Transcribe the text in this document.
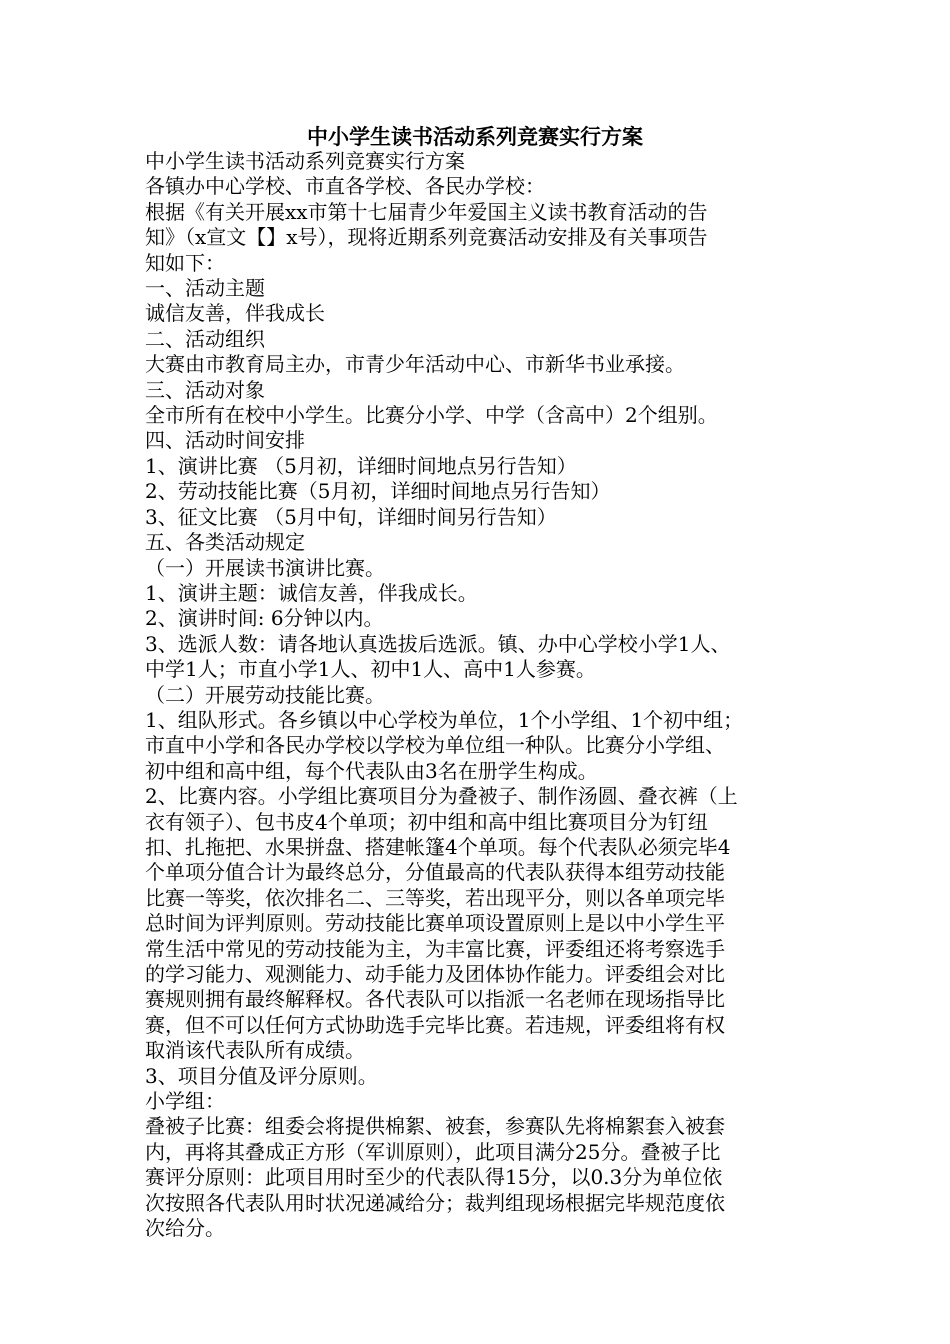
中小学生读书活动系列竞赛实行方案

中小学生读书活动系列竞赛实行方案

各镇办中心学校、市直各学校、各民办学校：

根据《有关开展xx市第十七届青少年爱国主义读书教育活动的告

知》（x宣文【】x号），现将近期系列竞赛活动安排及有关事项告

知如下：

一、活动主题

诚信友善，伴我成长

二、活动组织

大赛由市教育局主办，市青少年活动中心、市新华书业承接。

三、活动对象

全市所有在校中小学生。比赛分小学、中学（含高中）2个组别。

四、活动时间安排

1、演讲比赛 （5月初，详细时间地点另行告知）

2、劳动技能比赛（5月初，详细时间地点另行告知）

3、征文比赛 （5月中旬，详细时间另行告知）

五、各类活动规定

（一）开展读书演讲比赛。

1、演讲主题：诚信友善，伴我成长。

2、演讲时间: 6分钟以内。

3、选派人数：请各地认真选拔后选派。镇、办中心学校小学1人、

中学1人；市直小学1人、初中1人、高中1人参赛。

（二）开展劳动技能比赛。

1、组队形式。各乡镇以中心学校为单位，1个小学组、1个初中组；

市直中小学和各民办学校以学校为单位组一种队。比赛分小学组、

初中组和高中组，每个代表队由3名在册学生构成。

2、比赛内容。小学组比赛项目分为叠被子、制作汤圆、叠衣裤（上

衣有领子）、包书皮4个单项；初中组和高中组比赛项目分为钉纽

扣、扎拖把、水果拼盘、搭建帐篷4个单项。每个代表队必须完毕4

个单项分值合计为最终总分，分值最高的代表队获得本组劳动技能

比赛一等奖，依次排名二、三等奖，若出现平分，则以各单项完毕

总时间为评判原则。劳动技能比赛单项设置原则上是以中小学生平

常生活中常见的劳动技能为主，为丰富比赛，评委组还将考察选手

的学习能力、观测能力、动手能力及团体协作能力。评委组会对比

赛规则拥有最终解释权。各代表队可以指派一名老师在现场指导比

赛，但不可以任何方式协助选手完毕比赛。若违规，评委组将有权

取消该代表队所有成绩。

3、项目分值及评分原则。

小学组：

叠被子比赛：组委会将提供棉絮、被套，参赛队先将棉絮套入被套

内，再将其叠成正方形（军训原则），此项目满分25分。叠被子比

赛评分原则：此项目用时至少的代表队得15分，以0.3分为单位依

次按照各代表队用时状况递减给分；裁判组现场根据完毕规范度依

次给分。
